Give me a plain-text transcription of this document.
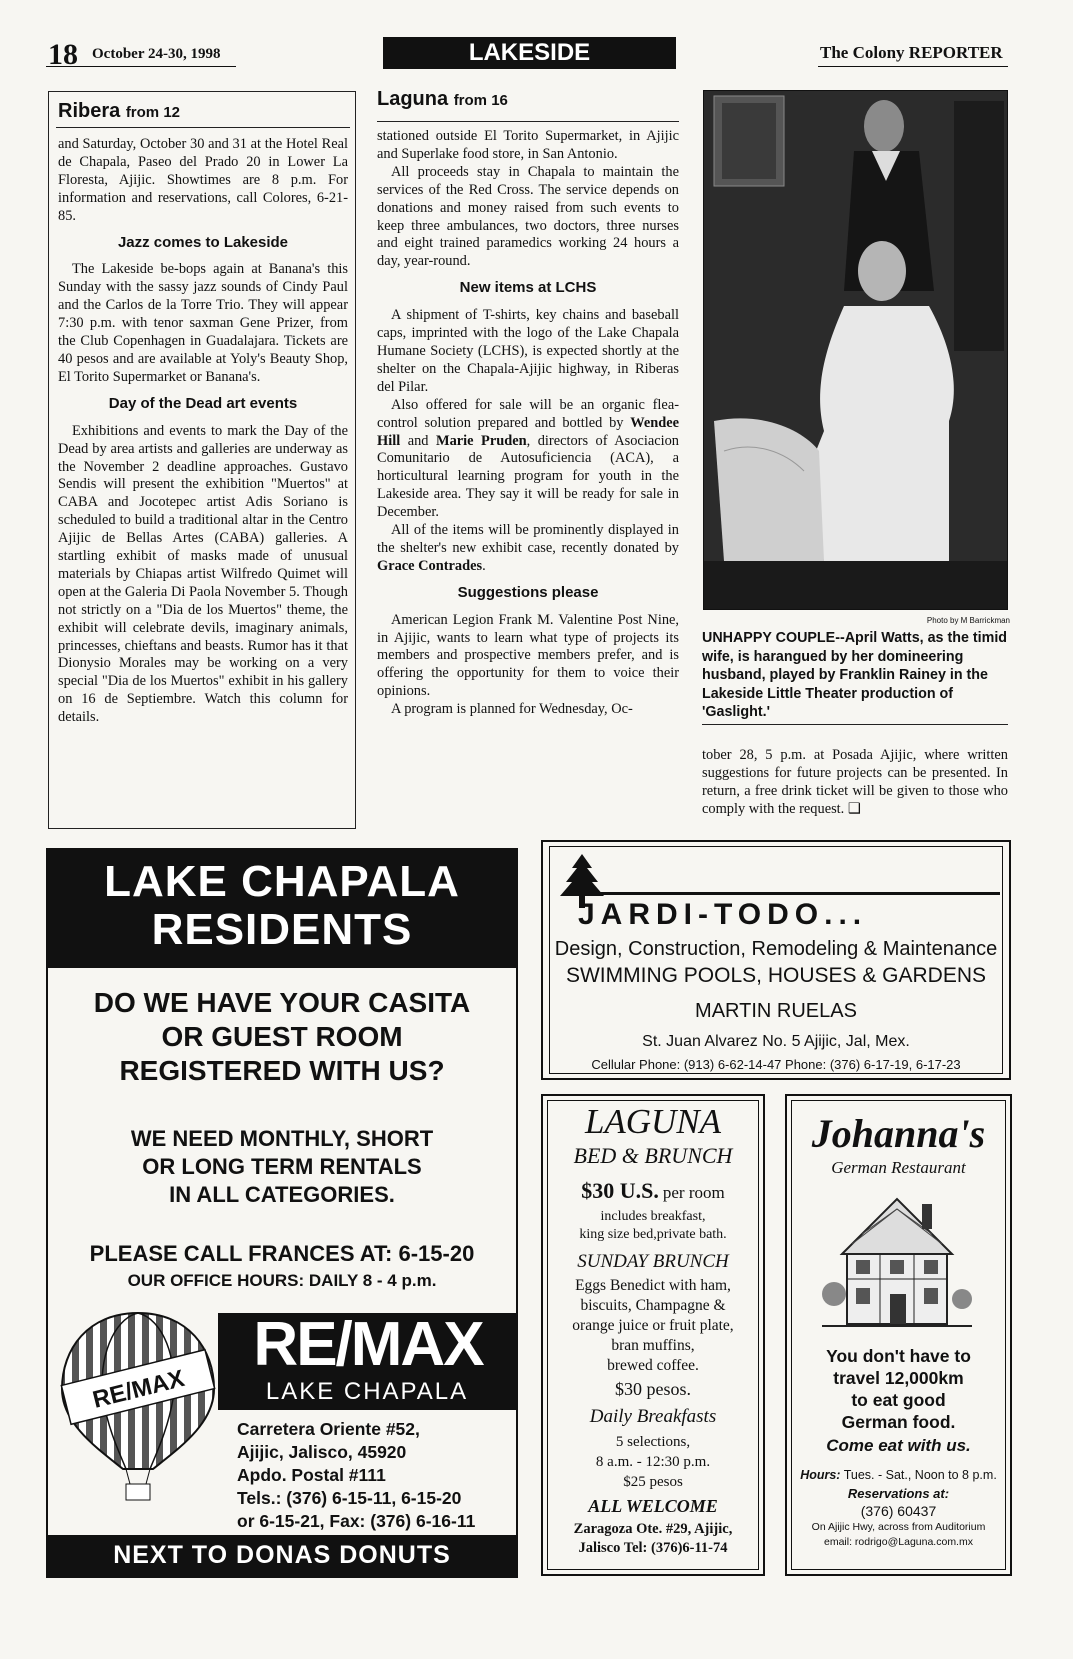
18 October 24-30, 1998	LAKESIDE	The Colony REPORTER
Ribera from 12

and Saturday, October 30 and 31 at the Hotel Real de Chapala, Paseo del Prado 20 in Lower La Floresta, Ajijic. Showtimes are 8 p.m. For information and reservations, call Colores, 6-21-85.

Jazz comes to Lakeside

The Lakeside be-bops again at Banana's this Sunday with the sassy jazz sounds of Cindy Paul and the Carlos de la Torre Trio. They will appear 7:30 p.m. with tenor saxman Gene Prizer, from the Club Copenhagen in Guadalajara. Tickets are 40 pesos and are available at Yoly's Beauty Shop, El Torito Supermarket or Banana's.

Day of the Dead art events

Exhibitions and events to mark the Day of the Dead by area artists and galleries are underway as the November 2 deadline approaches. Gustavo Sendis will present the exhibition "Muertos" at CABA and Jocotepec artist Adis Soriano is scheduled to build a traditional altar in the Centro Ajijic de Bellas Artes (CABA) galleries. A startling exhibit of masks made of unusual materials by Chiapas artist Wilfredo Quimet will open at the Galeria Di Paola November 5. Though not strictly on a "Dia de los Muertos" theme, the exhibit will celebrate devils, imaginary animals, princesses, chieftans and beasts. Rumor has it that Dionysio Morales may be working on a very special "Dia de los Muertos" exhibit in his gallery on 16 de Septiembre. Watch this column for details.

Laguna from 16

stationed outside El Torito Supermarket, in Ajijic and Superlake food store, in San Antonio.

All proceeds stay in Chapala to maintain the services of the Red Cross. The service depends on donations and money raised from such events to keep three ambulances, two doctors, three nurses and eight trained paramedics working 24 hours a day, year-round.

New items at LCHS

A shipment of T-shirts, key chains and baseball caps, imprinted with the logo of the Lake Chapala Humane Society (LCHS), is expected shortly at the shelter on the Chapala-Ajijic highway, in Riberas del Pilar.

Also offered for sale will be an organic flea-control solution prepared and bottled by Wendee Hill and Marie Pruden, directors of Asociacion Comunitario de Autosuficiencia (ACA), a horticultural learning program for youth in the Lakeside area. They say it will be ready for sale in December.

All of the items will be prominently displayed in the shelter's new exhibit case, recently donated by Grace Contrades.

Suggestions please

American Legion Frank M. Valentine Post Nine, in Ajijic, wants to learn what type of projects its members and prospective members prefer, and is offering the opportunity for them to voice their opinions.

A program is planned for Wednesday, Oc-

Photo by M Barrickman
UNHAPPY COUPLE--April Watts, as the timid wife, is harangued by her domineering husband, played by Franklin Rainey in the Lakeside Little Theater production of 'Gaslight.'

tober 28, 5 p.m. at Posada Ajijic, where written suggestions for future projects can be presented. In return, a free drink ticket will be given to those who comply with the request. ❑

LAKE CHAPALA
RESIDENTS
DO WE HAVE YOUR CASITA
OR GUEST ROOM
REGISTERED WITH US?
WE NEED MONTHLY, SHORT
OR LONG TERM RENTALS
IN ALL CATEGORIES.
PLEASE CALL FRANCES AT: 6-15-20
OUR OFFICE HOURS: DAILY 8 - 4 p.m.
RE/MAX
RE/MAX
LAKE CHAPALA
Carretera Oriente #52,
Ajijic, Jalisco, 45920
Apdo. Postal #111
Tels.: (376) 6-15-11, 6-15-20
or 6-15-21, Fax: (376) 6-16-11
NEXT TO DONAS DONUTS
JARDI-TODO...
Design, Construction, Remodeling & Maintenance
SWIMMING POOLS, HOUSES & GARDENS
MARTIN RUELAS
St. Juan Alvarez No. 5 Ajijic, Jal, Mex.
Cellular Phone: (913) 6-62-14-47 Phone: (376) 6-17-19, 6-17-23
LAGUNA
BED & BRUNCH
$30 U.S. per room
includes breakfast,
king size bed,private bath.
SUNDAY BRUNCH
Eggs Benedict with ham,
biscuits, Champagne &
orange juice or fruit plate,
bran muffins,
brewed coffee.
$30 pesos.
Daily Breakfasts
5 selections,
8 a.m. - 12:30 p.m.
$25 pesos
ALL WELCOME
Zaragoza Ote. #29, Ajijic,
Jalisco Tel: (376)6-11-74
Johanna's
German Restaurant
You don't have to
travel 12,000km
to eat good
German food.
Come eat with us.
Hours: Tues. - Sat., Noon to 8 p.m.
Reservations at:
(376) 60437
On Ajijic Hwy, across from Auditorium
email: rodrigo@Laguna.com.mx
